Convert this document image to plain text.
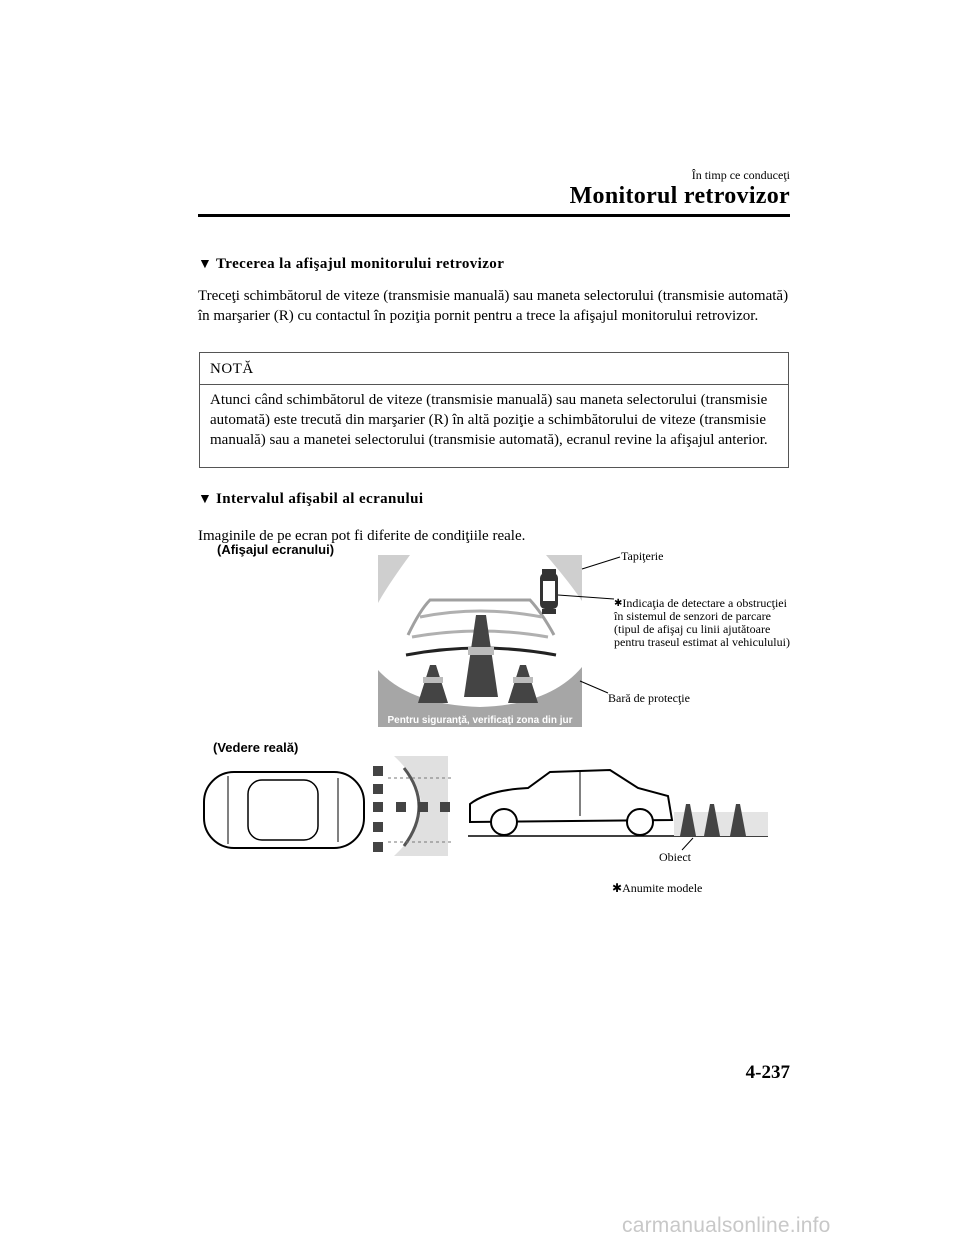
În timp ce conduceţi
Monitorul retrovizor
▼ Trecerea la afişajul monitorului retrovizor
Treceţi schimbătorul de viteze (transmisie manuală) sau maneta selectorului (transmisie automată) în marşarier (R) cu contactul în poziţia pornit pentru a trece la afişajul monitorului retrovizor.
NOTĂ
Atunci când schimbătorul de viteze (transmisie manuală) sau maneta selectorului (transmisie automată) este trecută din marşarier (R) în altă poziţie a schimbătorului de viteze (transmisie manuală) sau a manetei selectorului (transmisie automată), ecranul revine la afişajul anterior.
▼ Intervalul afişabil al ecranului
Imaginile de pe ecran pot fi diferite de condiţiile reale.
(Afişajul ecranului)
(Vedere reală)
Pentru siguranţă, verificaţi zona din jur
Tapiţerie
✱Indicaţia de detectare a obstrucţiei în sistemul de senzori de parcare (tipul de afişaj cu linii ajutătoare pentru traseul estimat al vehiculului)
Bară de protecţie
Obiect
✱Anumite modele
4-237
carmanualsonline.info
